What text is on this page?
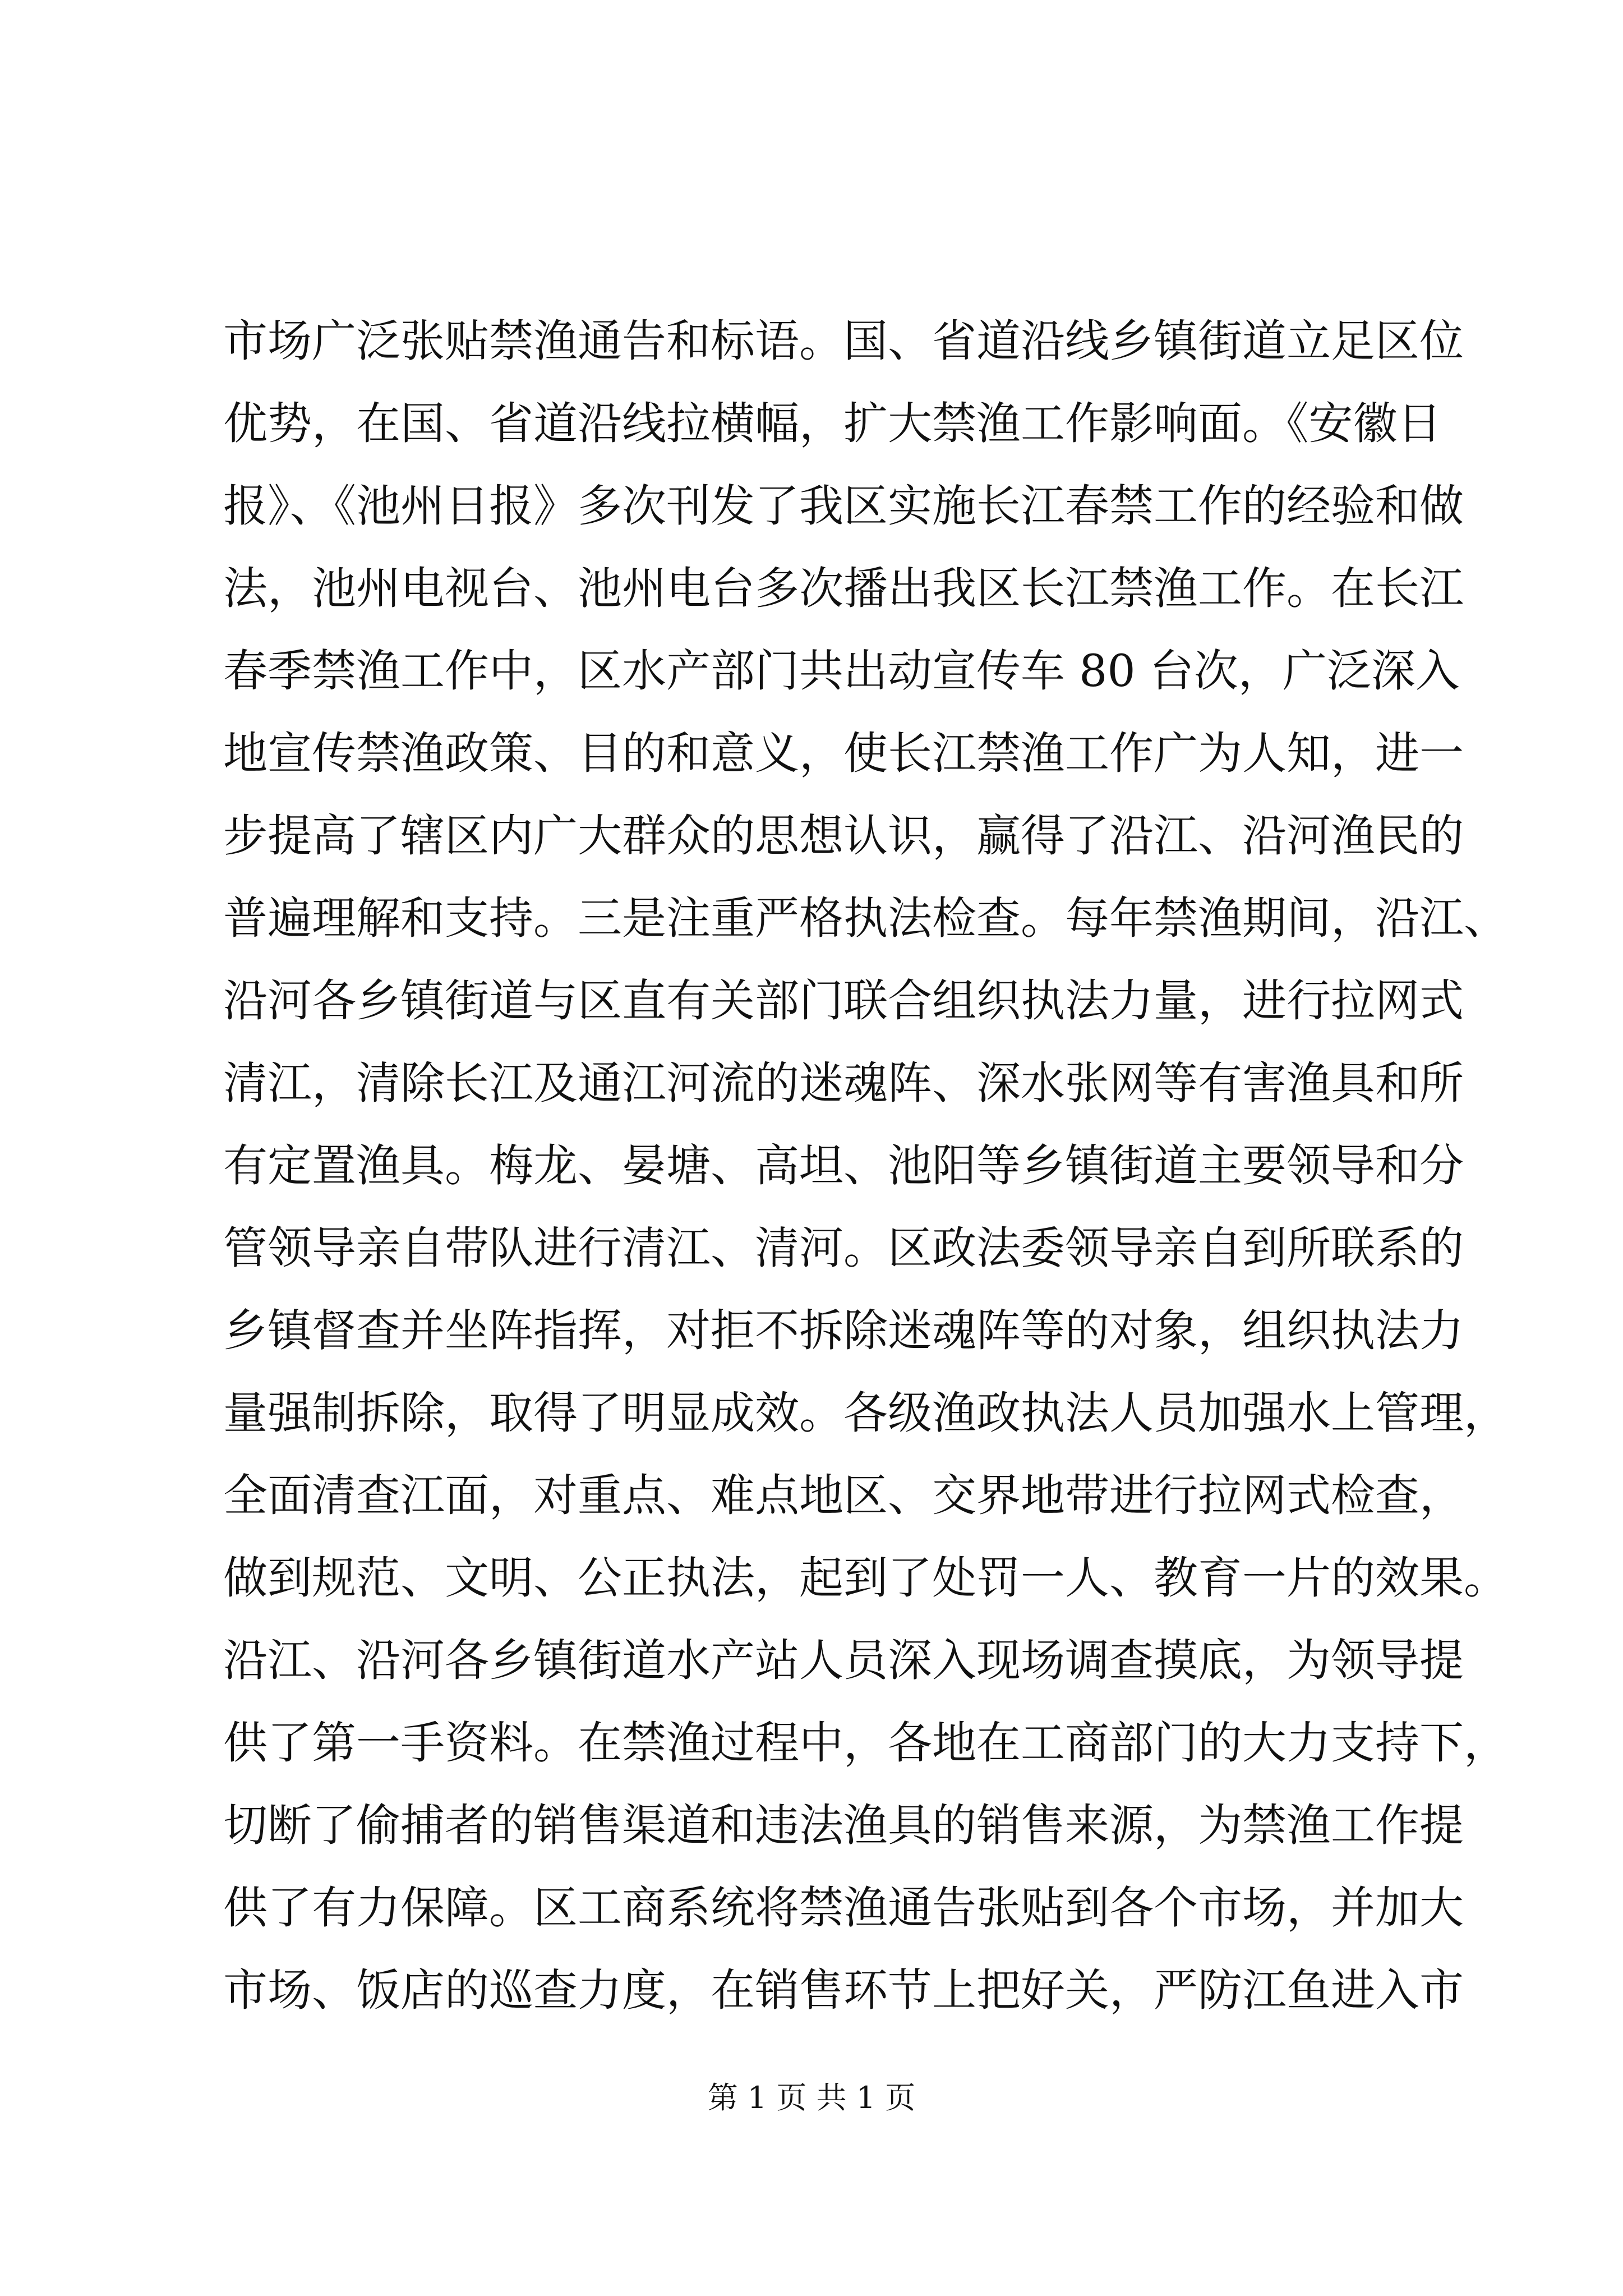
市场广泛张贴禁渔通告和标语。国、省道沿线乡镇街道立足区位
优势，在国、省道沿线拉横幅，扩大禁渔工作影响面。《安徽日
报》、《池州日报》多次刊发了我区实施长江春禁工作的经验和做
法，池州电视台、池州电台多次播出我区长江禁渔工作。在长江
春季禁渔工作中，区水产部门共出动宣传车 80 台次，广泛深入
地宣传禁渔政策、目的和意义，使长江禁渔工作广为人知，进一
步提高了辖区内广大群众的思想认识，赢得了沿江、沿河渔民的
普遍理解和支持。三是注重严格执法检查。每年禁渔期间，沿江、
沿河各乡镇街道与区直有关部门联合组织执法力量，进行拉网式
清江，清除长江及通江河流的迷魂阵、深水张网等有害渔具和所
有定置渔具。梅龙、晏塘、高坦、池阳等乡镇街道主要领导和分
管领导亲自带队进行清江、清河。区政法委领导亲自到所联系的
乡镇督查并坐阵指挥，对拒不拆除迷魂阵等的对象，组织执法力
量强制拆除，取得了明显成效。各级渔政执法人员加强水上管理，
全面清查江面，对重点、难点地区、交界地带进行拉网式检查，
做到规范、文明、公正执法，起到了处罚一人、教育一片的效果。
沿江、沿河各乡镇街道水产站人员深入现场调查摸底，为领导提
供了第一手资料。在禁渔过程中，各地在工商部门的大力支持下，
切断了偷捕者的销售渠道和违法渔具的销售来源，为禁渔工作提
供了有力保障。区工商系统将禁渔通告张贴到各个市场，并加大
市场、饭店的巡查力度，在销售环节上把好关，严防江鱼进入市
第 1 页 共 1 页
